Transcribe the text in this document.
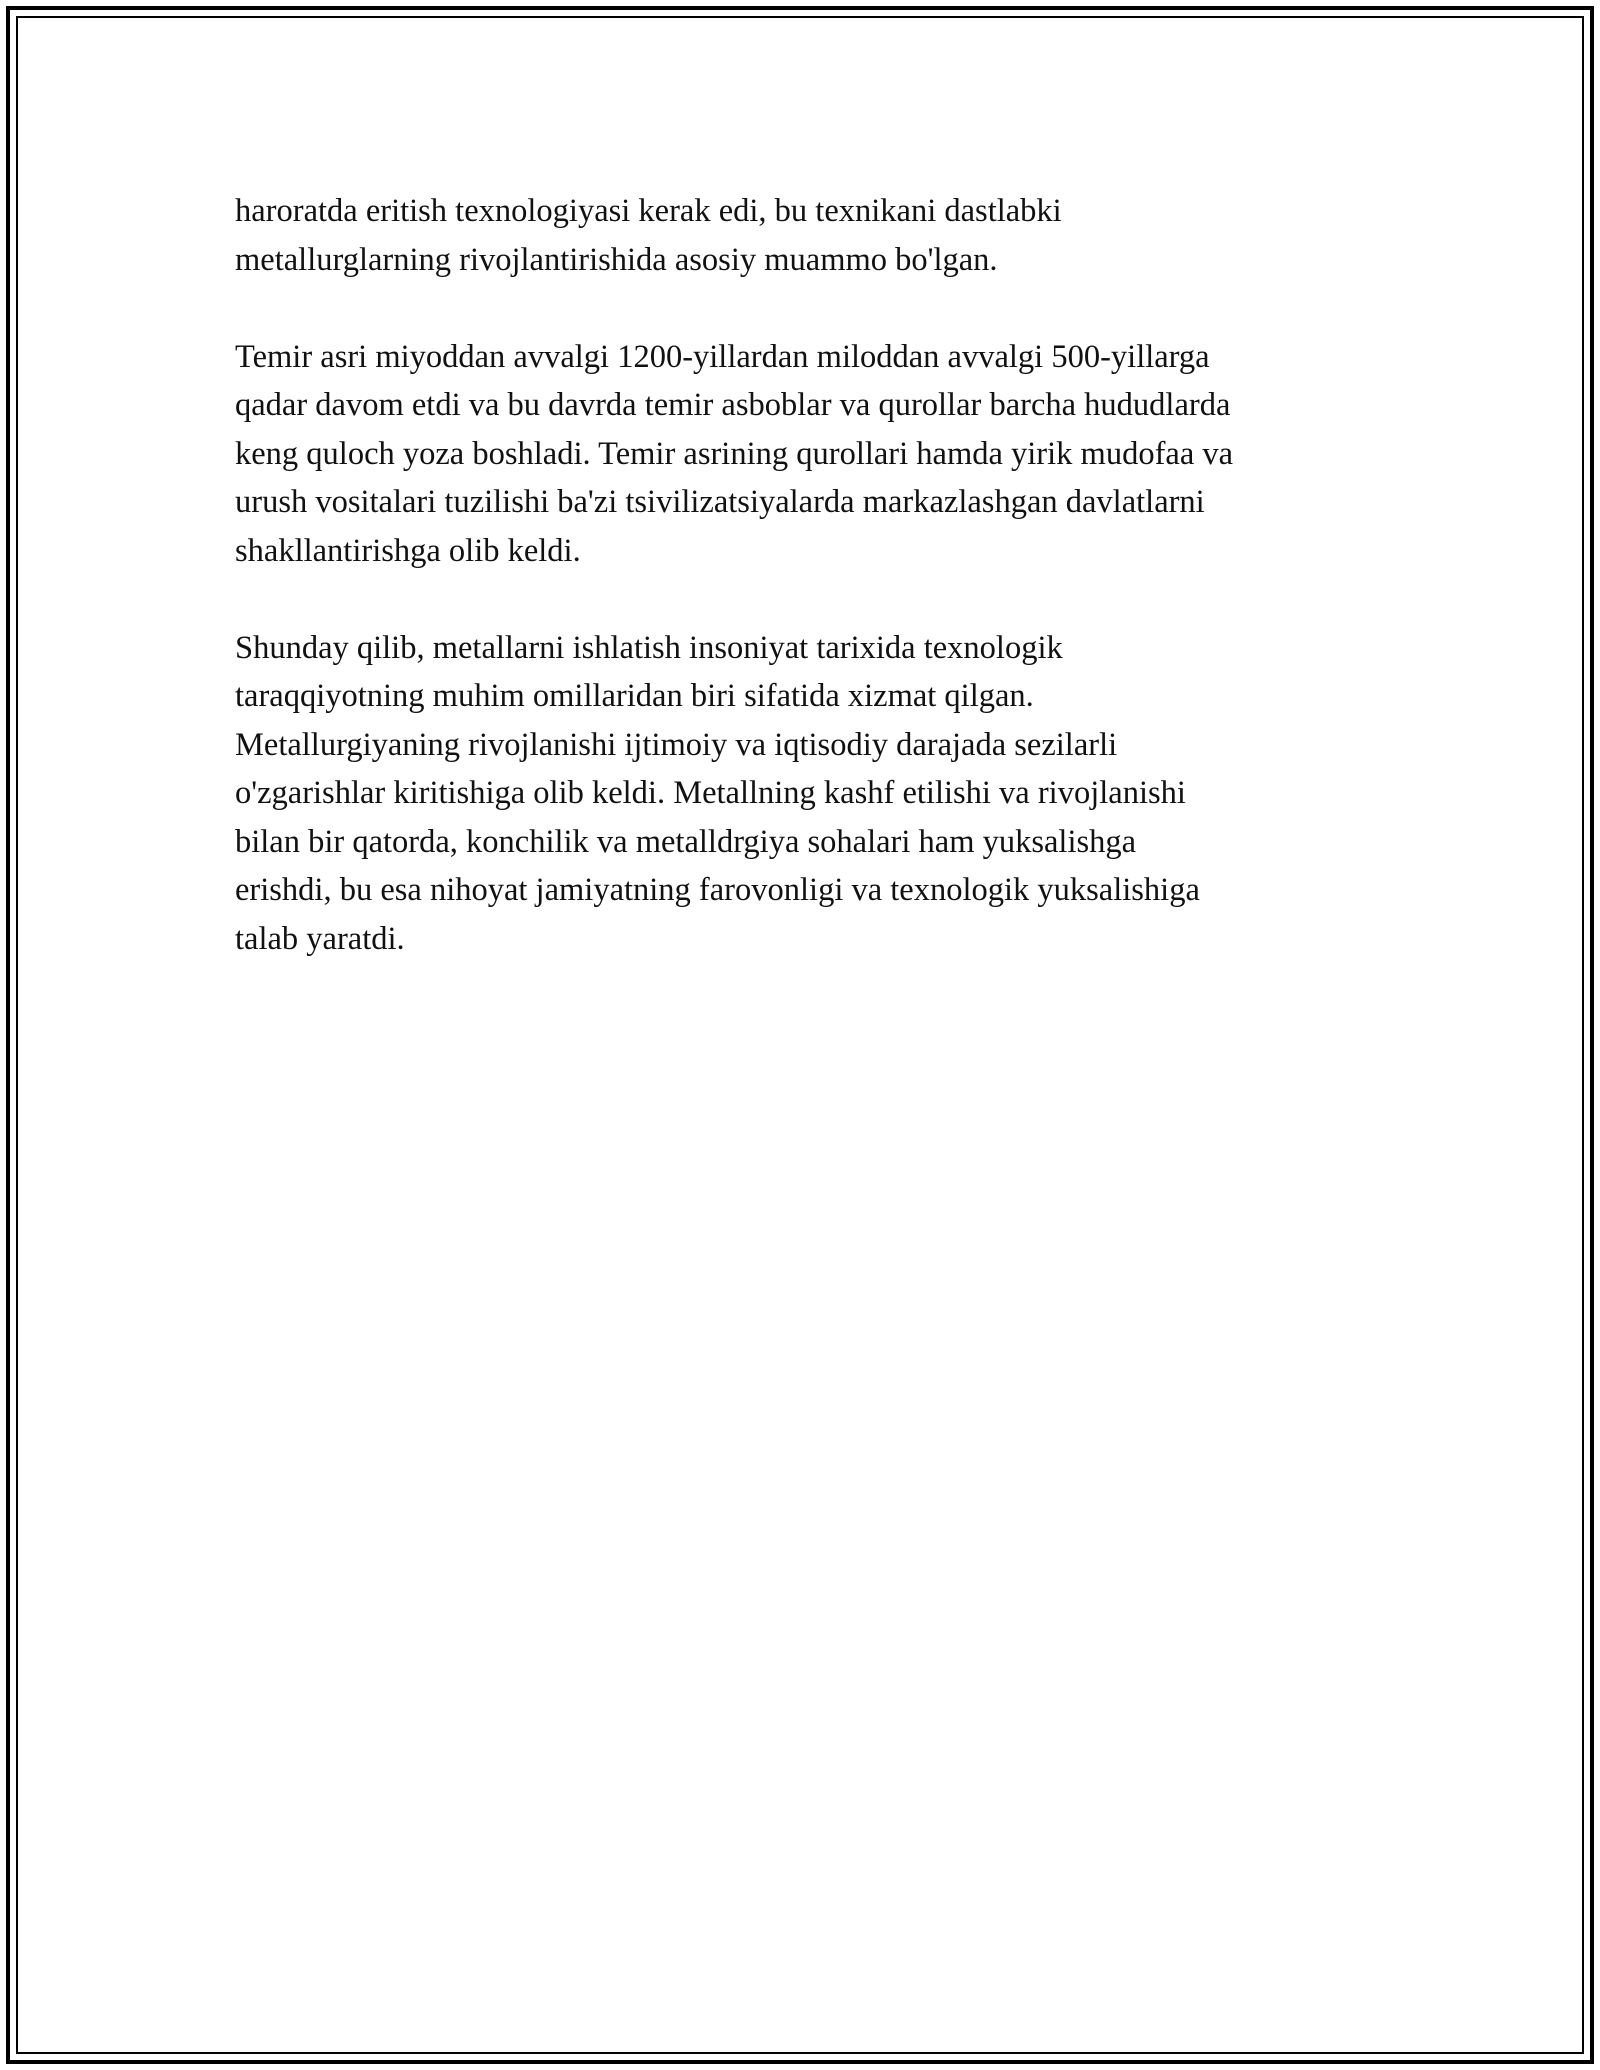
haroratda eritish texnologiyasi kerak edi, bu texnikani dastlabki
metallurglarning rivojlantirishida asosiy muammo bo'lgan.

Temir asri miyoddan avvalgi 1200-yillardan miloddan avvalgi 500-yillarga
qadar davom etdi va bu davrda temir asboblar va qurollar barcha hududlarda
keng quloch yoza boshladi. Temir asrining qurollari hamda yirik mudofaa va
urush vositalari tuzilishi ba'zi tsivilizatsiyalarda markazlashgan davlatlarni
shakllantirishga olib keldi.

Shunday qilib, metallarni ishlatish insoniyat tarixida texnologik
taraqqiyotning muhim omillaridan biri sifatida xizmat qilgan.
Metallurgiyaning rivojlanishi ijtimoiy va iqtisodiy darajada sezilarli
o'zgarishlar kiritishiga olib keldi. Metallning kashf etilishi va rivojlanishi
bilan bir qatorda, konchilik va metalldrgiya sohalari ham yuksalishga
erishdi, bu esa nihoyat jamiyatning farovonligi va texnologik yuksalishiga
talab yaratdi.
